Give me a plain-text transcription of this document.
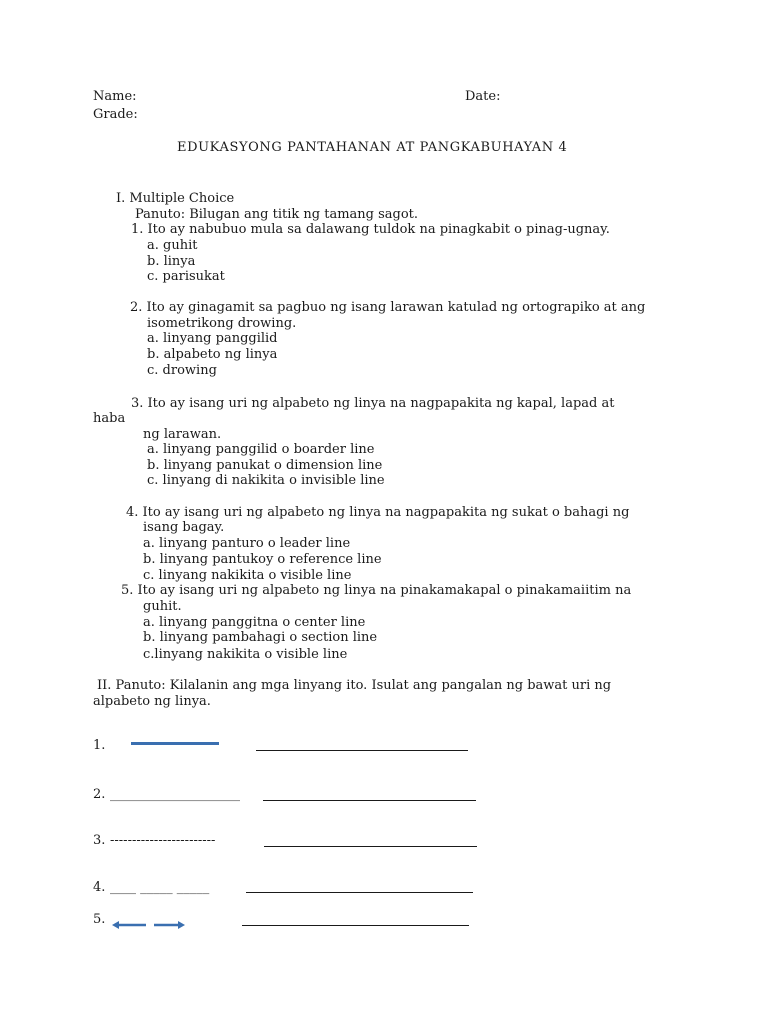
Name:	Date:
Grade:
EDUKASYONG PANTAHANAN AT PANGKABUHAYAN 4
I. Multiple Choice
Panuto: Bilugan ang titik ng tamang sagot.
1. Ito ay nabubuo mula sa dalawang tuldok na pinagkabit o pinag-ugnay.
a. guhit
b. linya
c. parisukat
2. Ito ay ginagamit sa pagbuo ng isang larawan katulad ng ortograpiko at ang
isometrikong drowing.
a. linyang panggilid
b. alpabeto ng linya
c. drowing
3. Ito ay isang uri ng alpabeto ng linya na nagpapakita ng kapal, lapad at
haba
ng larawan.
a. linyang panggilid o boarder line
b. linyang panukat o dimension line
c. linyang di nakikita o invisible line
4. Ito ay isang uri ng alpabeto ng linya na nagpapakita ng sukat o bahagi ng
isang bagay.
a. linyang panturo o leader line
b. linyang pantukoy o reference line
c. linyang nakikita o visible line
5. Ito ay isang uri ng alpabeto ng linya na pinakamakapal o pinakamaiitim na
guhit.
a. linyang panggitna o center line
b. linyang pambahagi o section line
c.linyang nakikita o visible line
II. Panuto: Kilalanin ang mga linyang ito. Isulat ang pangalan ng bawat uri ng
alpabeto ng linya.
1.
2. ____________________
3. ------------------------
4. ____ _____ _____
5.
